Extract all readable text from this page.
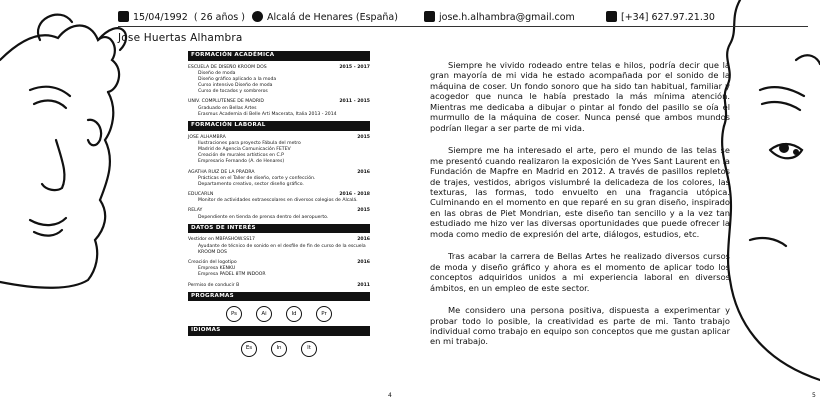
FORMACIÓN ACADÉMICA
ESCUELA DE DISEÑO KROOM DOS	2015 - 2017
Diseño de moda
Diseño gráfico aplicado a la moda
Curso intensivo Diseño de moda
Curso de tocados y sombreros
UNIV. COMPLUTENSE DE MADRID	2011 - 2015
Graduado en Bellas Artes
Erasmus Academia di Belle Arti Macerata, Italia 2013 - 2014
FORMACIÓN LABORAL
JOSE ALHAMBRA	2015
Ilustraciones para proyecto Fábula del metro
Madrid de Agencia Comunicación FETEV
Creación de murales artísticos en C.P
Empresario Fernando (A. de Henares)
AGATHA RUIZ DE LA PRADRA	2016
Prácticas en el Taller de diseño, corte y confección.
Departamento creativo, sector diseño gráfico.
EDUCARLN	2016 - 2018
Monitor de actividades extraescolares en diversos colegios de Alcalá.
RELAY	2015
Dependiente en tienda de prensa dentro del aeropuerto.
DATOS DE INTERÉS
Vestidor en MBFASHOW.SS17	2016
Ayudante de técnico de sonido en el desfile de fin de curso de la escuela KROOM DOS
Creación del logotipo	2016
Empresa KENKU
Empresa PADEL 8TM INDOOR
Permiso de conducir B	2011
PROGRAMAS
Ps	Ai	Id	Pr
IDIOMAS
Es	In	It
4
15/04/1992 ( 26 años )	Alcalá de Henares (España)	jose.h.alhambra@gmail.com	[+34] 627.97.21.30
Jose Huertas Alhambra

Siempre he vivido rodeado entre telas e hilos, podría decir que la gran mayoría de mi vida he estado acompañada por el sonido de la máquina de coser. Un fondo sonoro que ha sido tan habitual, familiar y acogedor que nunca le había prestado la más mínima atención. Mientras me dedicaba a dibujar o pintar al fondo del pasillo se oía el murmullo de la máquina de coser. Nunca pensé que ambos mundos podrían llegar a ser parte de mi vida.

Siempre me ha interesado el arte, pero el mundo de las telas se me presentó cuando realizaron la exposición de Yves Sant Laurent en la Fundación de Mapfre en Madrid en 2012. A través de pasillos repletos de trajes, vestidos, abrigos vislumbré la delicadeza de los colores, las texturas, las formas, todo envuelto en una fragancia utópica. Culminando en el momento en que reparé en su gran diseño, inspirado en las obras de Piet Mondrian, este diseño tan sencillo y a la vez tan estudiado me hizo ver las diversas oportunidades que puede ofrecer la moda como medio de expresión del arte, diálogos, estudios, etc.

Tras acabar la carrera de Bellas Artes he realizado diversos cursos de moda y diseño gráfico y ahora es el momento de aplicar todo los conceptos adquiridos unidos a mi experiencia laboral en diversos ámbitos, en un empleo de este sector.

Me considero una persona positiva, dispuesta a experimentar y probar todo lo posible, la creatividad es parte de mi. Tanto trabajo individual como trabajo en equipo son conceptos que me gustan aplicar en mi trabajo.

5
